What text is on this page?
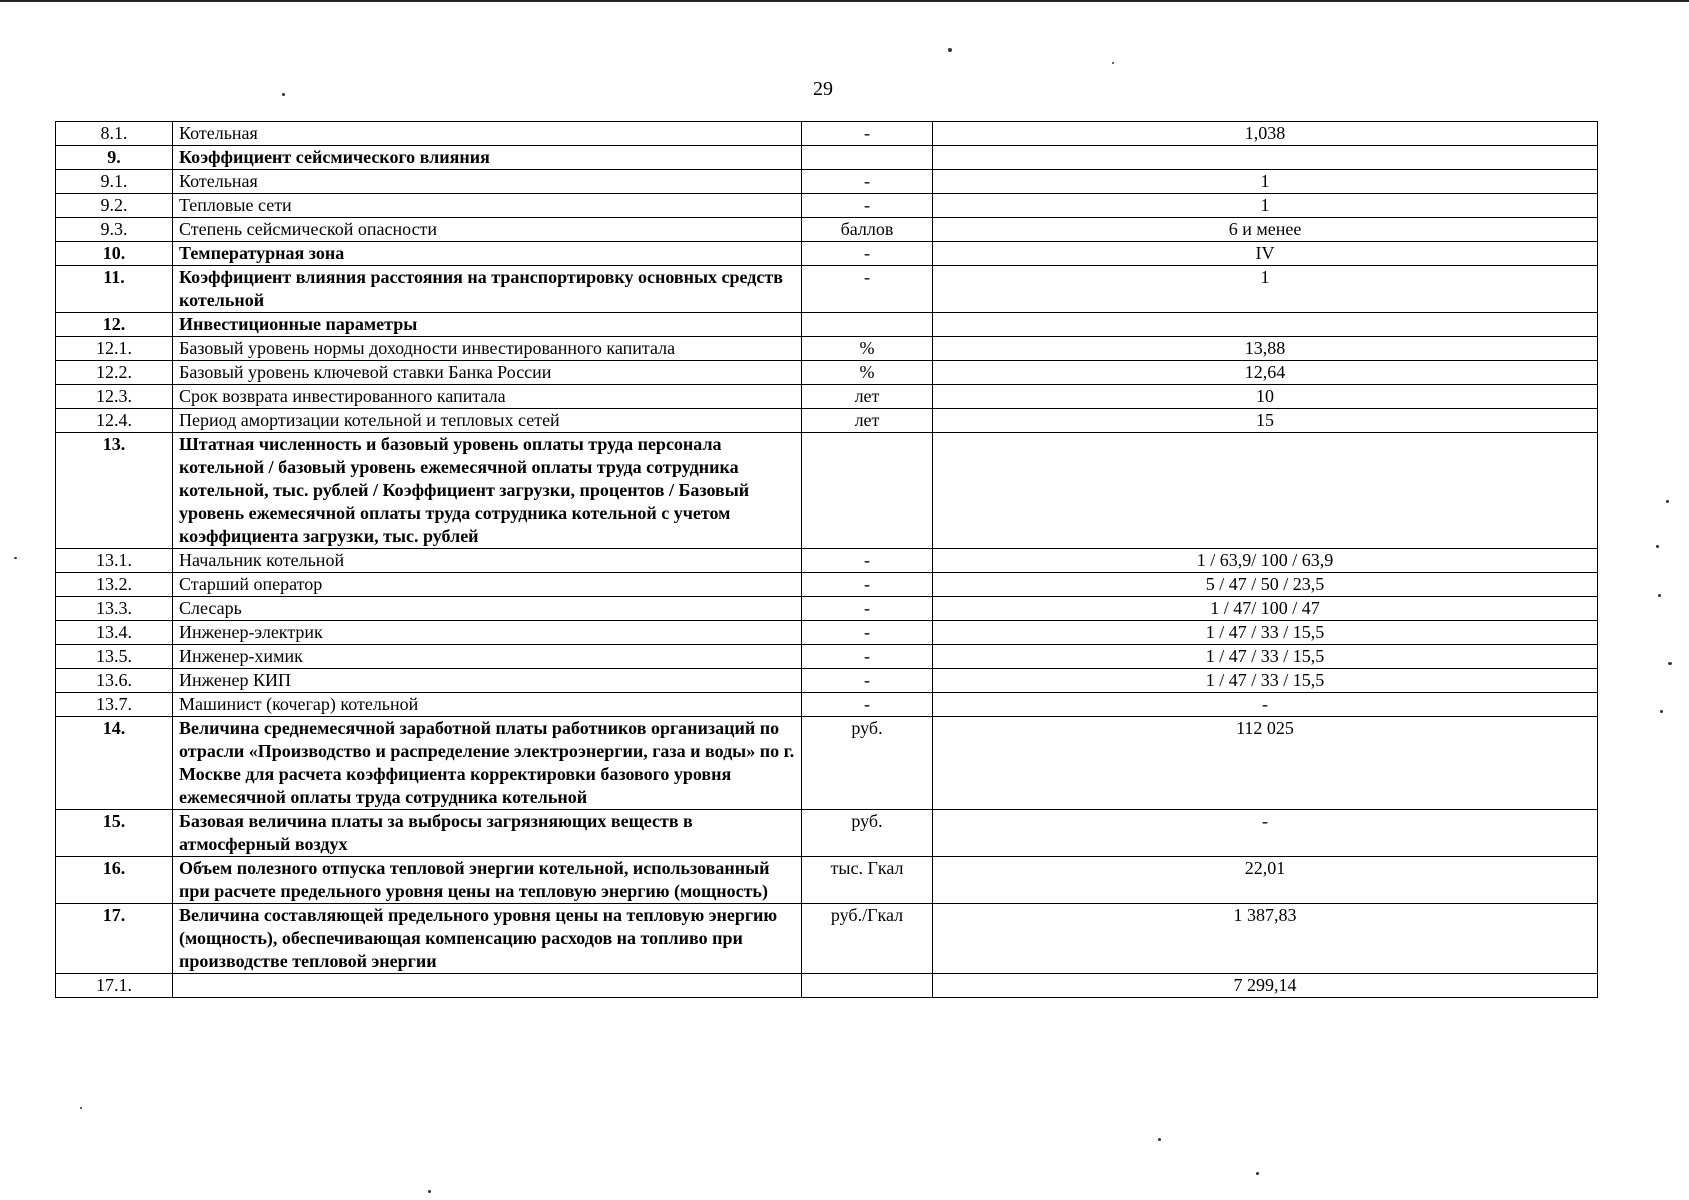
29
8.1.	Котельная	-	1,038
9.	Коэффициент сейсмического влияния		
9.1.	Котельная	-	1
9.2.	Тепловые сети	-	1
9.3.	Степень сейсмической опасности	баллов	6 и менее
10.	Температурная зона	-	IV
11.	Коэффициент влияния расстояния на транспортировку основных средств котельной	-	1
12.	Инвестиционные параметры		
12.1.	Базовый уровень нормы доходности инвестированного капитала	%	13,88
12.2.	Базовый уровень ключевой ставки Банка России	%	12,64
12.3.	Срок возврата инвестированного капитала	лет	10
12.4.	Период амортизации котельной и тепловых сетей	лет	15
13.	Штатная численность и базовый уровень оплаты труда персонала котельной / базовый уровень ежемесячной оплаты труда сотрудника котельной, тыс. рублей / Коэффициент загрузки, процентов / Базовый уровень ежемесячной оплаты труда сотрудника котельной с учетом коэффициента загрузки, тыс. рублей		
13.1.	Начальник котельной	-	1 / 63,9/ 100 / 63,9
13.2.	Старший оператор	-	5 / 47 / 50 / 23,5
13.3.	Слесарь	-	1 / 47/ 100 / 47
13.4.	Инженер-электрик	-	1 / 47 / 33 / 15,5
13.5.	Инженер-химик	-	1 / 47 / 33 / 15,5
13.6.	Инженер КИП	-	1 / 47 / 33 / 15,5
13.7.	Машинист (кочегар) котельной	-	-
14.	Величина среднемесячной заработной платы работников организаций по отрасли «Производство и распределение электроэнергии, газа и воды» по г. Москве для расчета коэффициента корректировки базового уровня ежемесячной оплаты труда сотрудника котельной	руб.	112 025
15.	Базовая величина платы за выбросы загрязняющих веществ в атмосферный воздух	руб.	-
16.	Объем полезного отпуска тепловой энергии котельной, использованный при расчете предельного уровня цены на тепловую энергию (мощность)	тыс. Гкал	22,01
17.	Величина составляющей предельного уровня цены на тепловую энергию (мощность), обеспечивающая компенсацию расходов на топливо при производстве тепловой энергии	руб./Гкал	1 387,83
17.1.			7 299,14
